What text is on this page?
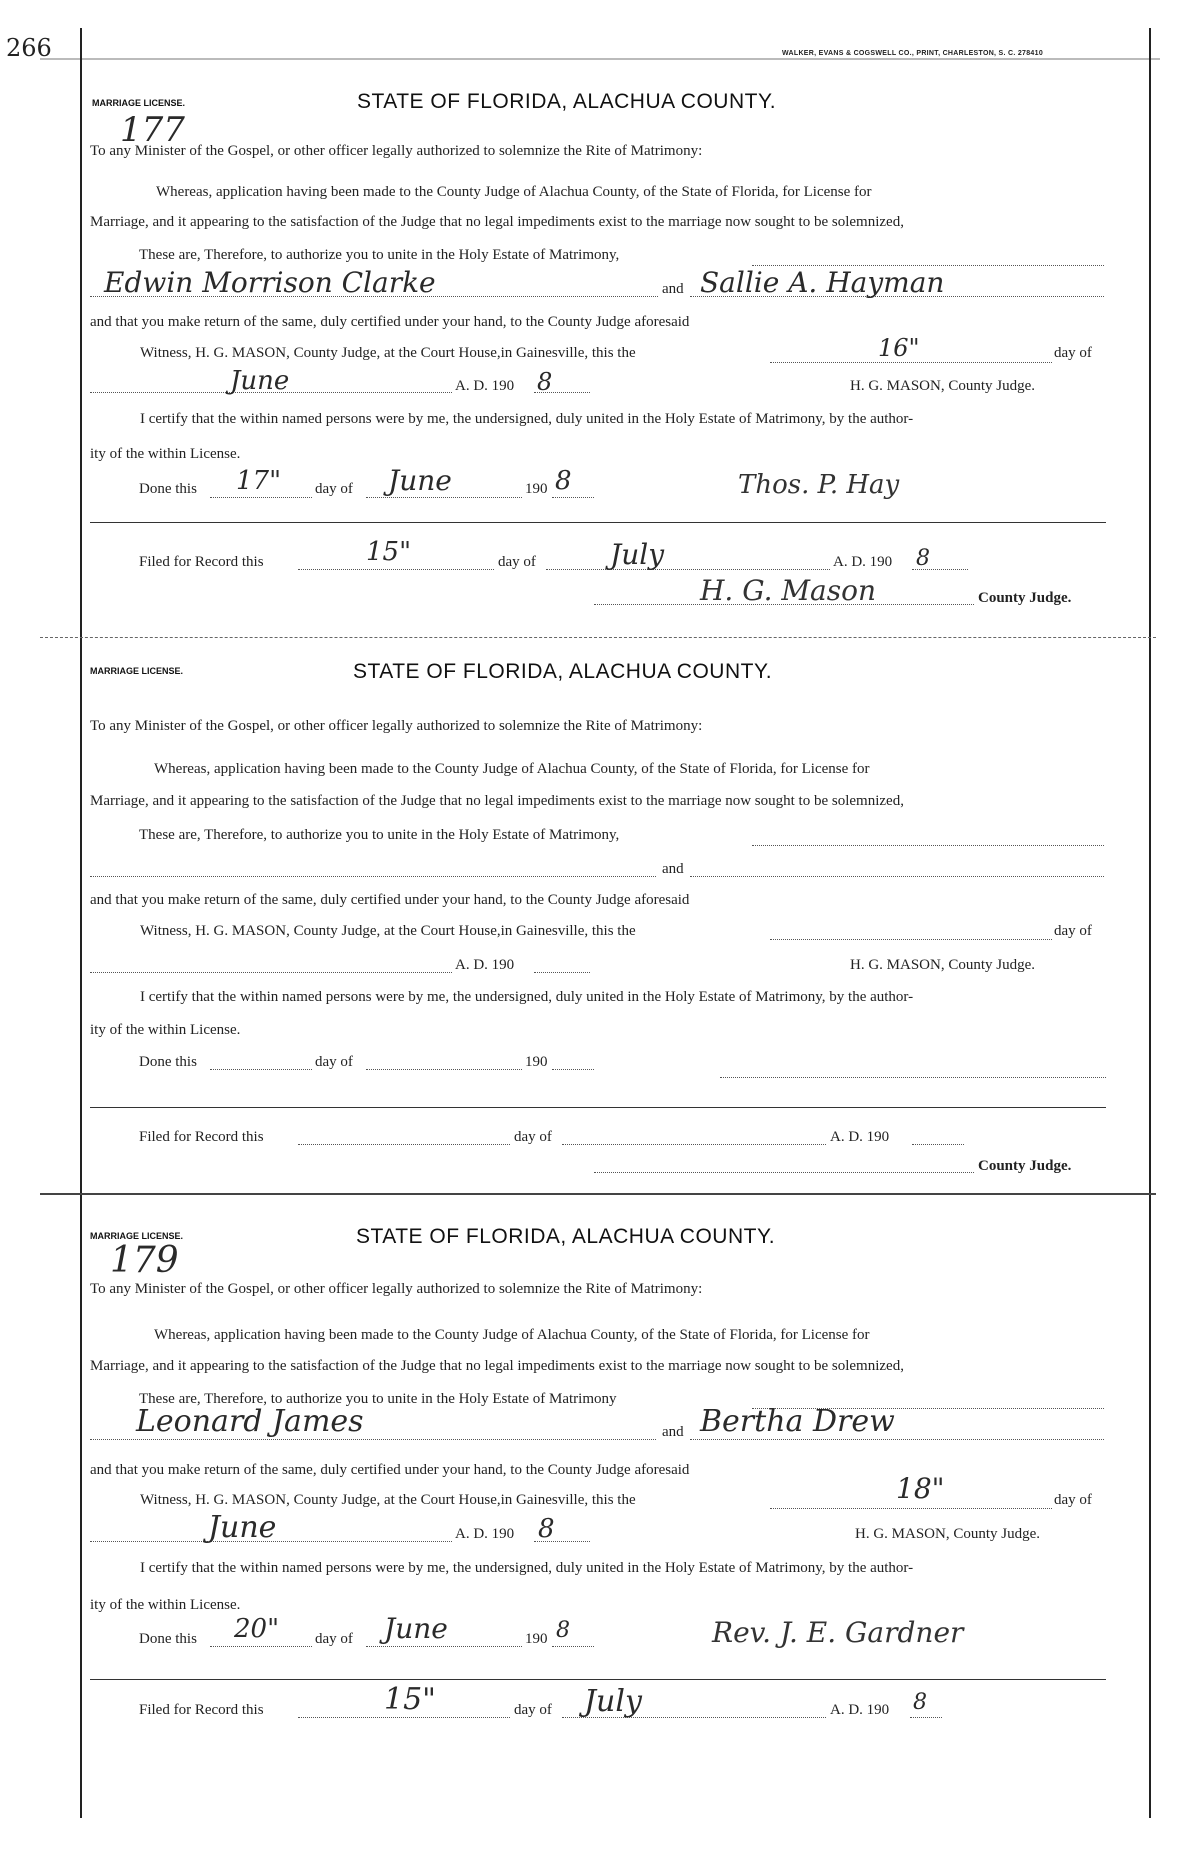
266	WALKER, EVANS & COGSWELL CO., PRINT, CHARLESTON, S. C. 278410
MARRIAGE LICENSE.
177
STATE OF FLORIDA, ALACHUA COUNTY.
To any Minister of the Gospel, or other officer legally authorized to solemnize the Rite of Matrimony:
Whereas, application having been made to the County Judge of Alachua County, of the State of Florida, for License for
Marriage, and it appearing to the satisfaction of the Judge that no legal impediments exist to the marriage now sought to be solemnized,
These are, Therefore, to authorize you to unite in the Holy Estate of Matrimony,
Edwin Morrison Clarke	and Sallie A. Hayman
and that you make return of the same, duly certified under your hand, to the County Judge aforesaid
Witness, H. G. MASON, County Judge, at the Court House,in Gainesville, this the	16"	day of
June	A. D. 190 8	H. G. MASON, County Judge.
I certify that the within named persons were by me, the undersigned, duly united in the Holy Estate of Matrimony, by the author-
ity of the within License.
Done this 17" day of June	190 8	Thos. P. Hay
Filed for Record this	15"	day of	July	A. D. 190 8
H. G. Mason	County Judge.
MARRIAGE LICENSE.	STATE OF FLORIDA, ALACHUA COUNTY.
To any Minister of the Gospel, or other officer legally authorized to solemnize the Rite of Matrimony:
Whereas, application having been made to the County Judge of Alachua County, of the State of Florida, for License for
Marriage, and it appearing to the satisfaction of the Judge that no legal impediments exist to the marriage now sought to be solemnized,
These are, Therefore, to authorize you to unite in the Holy Estate of Matrimony,
and
and that you make return of the same, duly certified under your hand, to the County Judge aforesaid
Witness, H. G. MASON, County Judge, at the Court House,in Gainesville, this the	day of
A. D. 190	H. G. MASON, County Judge.
I certify that the within named persons were by me, the undersigned, duly united in the Holy Estate of Matrimony, by the author-
ity of the within License.
Done this	day of	190
Filed for Record this	day of	A. D. 190
County Judge.
MARRIAGE LICENSE.
179
STATE OF FLORIDA, ALACHUA COUNTY.
To any Minister of the Gospel, or other officer legally authorized to solemnize the Rite of Matrimony:
Whereas, application having been made to the County Judge of Alachua County, of the State of Florida, for License for
Marriage, and it appearing to the satisfaction of the Judge that no legal impediments exist to the marriage now sought to be solemnized,
These are, Therefore, to authorize you to unite in the Holy Estate of Matrimony
Leonard James	and Bertha Drew
and that you make return of the same, duly certified under your hand, to the County Judge aforesaid
Witness, H. G. MASON, County Judge, at the Court House,in Gainesville, this the	18"	day of
June	A. D. 190 8	H. G. MASON, County Judge.
I certify that the within named persons were by me, the undersigned, duly united in the Holy Estate of Matrimony, by the author-
ity of the within License.
Done this 20" day of June	190 8	Rev. J. E. Gardner
Filed for Record this	15"	day of July	A. D. 190 8
